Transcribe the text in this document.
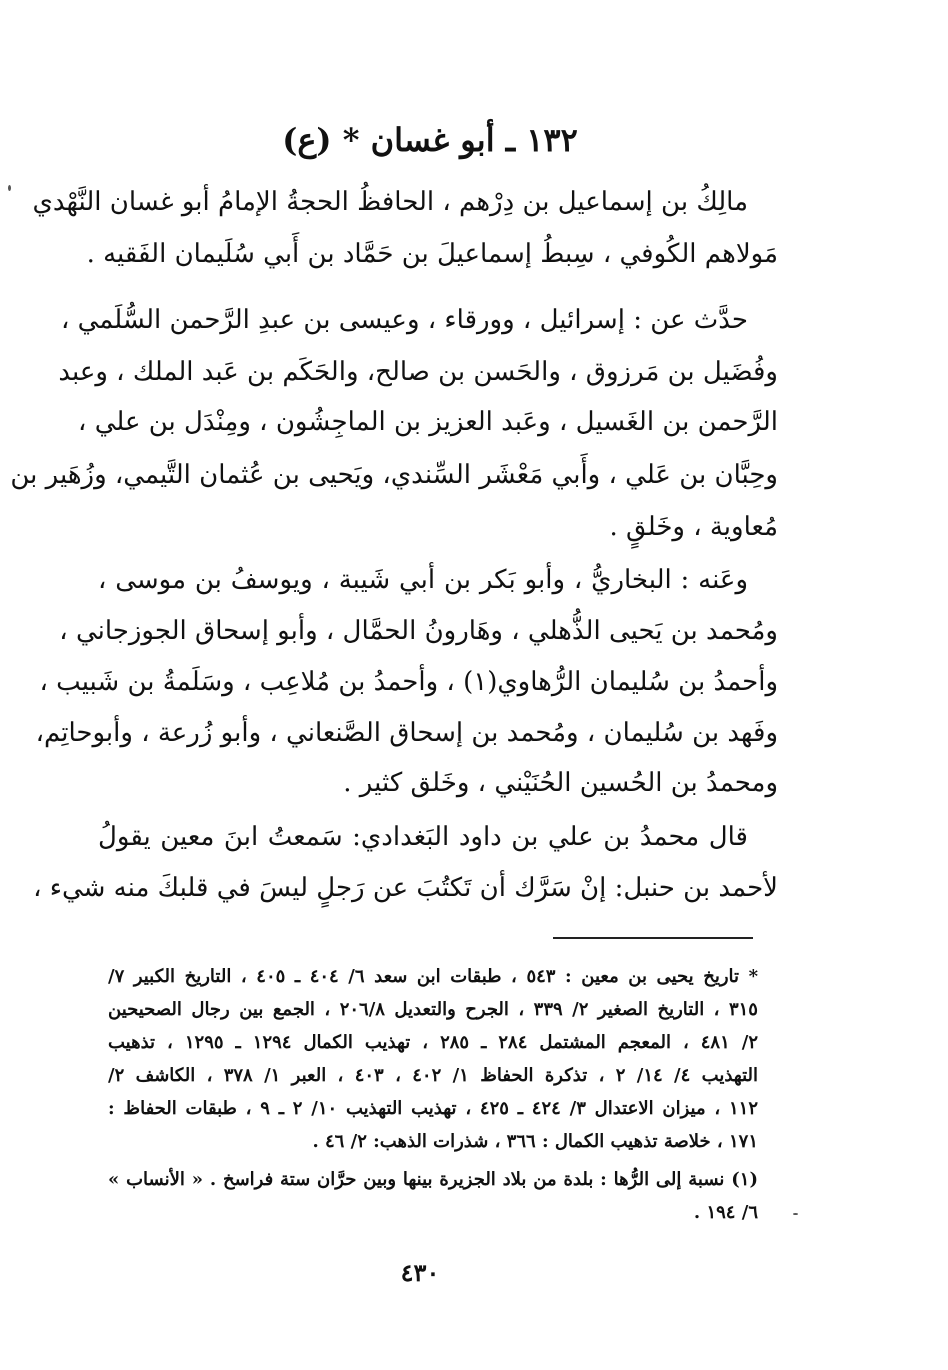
١٣٢ ـ أبو غسان * (ع)
مالِكُ بن إسماعيل بن دِرْهم ، الحافظُ الحجةُ الإمامُ أبو غسان النَّهْدي
مَولاهم الكُوفي ، سِبطُ إسماعيلَ بن حَمَّاد بن أَبي سُلَيمان الفَقيه .
حدَّث عن : إسرائيل ، وورقاء ، وعيسى بن عبدِ الرَّحمن السُّلَمي ،
وفُضَيل بن مَرزوق ، والحَسن بن صالح، والحَكَم بن عَبد الملك ، وعبد
الرَّحمن بن الغَسيل ، وعَبد العزيز بن الماجِشُون ، ومِنْدَل بن علي ،
وحِبَّان بن عَلي ، وأَبي مَعْشَر السِّندي، ويَحيى بن عُثمان التَّيمي، وزُهَير بن
مُعاوية ، وخَلقٍ .
وعَنه : البخاريُّ ، وأبو بَكر بن أبي شَيبة ، ويوسفُ بن موسى ،
ومُحمد بن يَحيى الذُّهلي ، وهَارونُ الحمَّال ، وأبو إسحاق الجوزجاني ،
وأحمدُ بن سُليمان الرُّهاوي(١) ، وأحمدُ بن مُلاعِب ، وسَلَمةُ بن شَبيب ،
وفَهد بن سُليمان ، ومُحمد بن إسحاق الصَّنعاني ، وأبو زُرعة ، وأبوحاتِم،
ومحمدُ بن الحُسين الحُنَيْني ، وخَلق كثير .
قال محمدُ بن علي بن داود البَغدادي: سَمعتُ ابنَ معين يقولُ
لأحمد بن حنبل: إنْ سَرَّك أن تَكتُبَ عن رَجلٍ ليسَ في قلبكَ منه شيء ،
* تاريخ يحيى بن معين : ٥٤٣ ، طبقات ابن سعد ٦/ ٤٠٤ ـ ٤٠٥ ، التاريخ الكبير ٧/
٣١٥ ، التاريخ الصغير ٢/ ٣٣٩ ، الجرح والتعديل ٢٠٦/٨ ، الجمع بين رجال الصحيحين
٢/ ٤٨١ ، المعجم المشتمل ٢٨٤ ـ ٢٨٥ ، تهذيب الكمال ١٢٩٤ ـ ١٢٩٥ ، تذهيب
التهذيب ٤/ ١٤/ ٢ ، تذكرة الحفاظ ١/ ٤٠٢ ، ٤٠٣ ، العبر ١/ ٣٧٨ ، الكاشف ٢/
١١٢ ، ميزان الاعتدال ٣/ ٤٢٤ ـ ٤٢٥ ، تهذيب التهذيب ١٠/ ٢ ـ ٩ ، طبقات الحفاظ :
١٧١ ، خلاصة تذهيب الكمال : ٣٦٦ ، شذرات الذهب: ٢/ ٤٦ .
(١) نسبة إلى الرُّها : بلدة من بلاد الجزيرة بينها وبين حرَّان ستة فراسخ . « الأنساب »
٦/ ١٩٤ .
٤٣٠
